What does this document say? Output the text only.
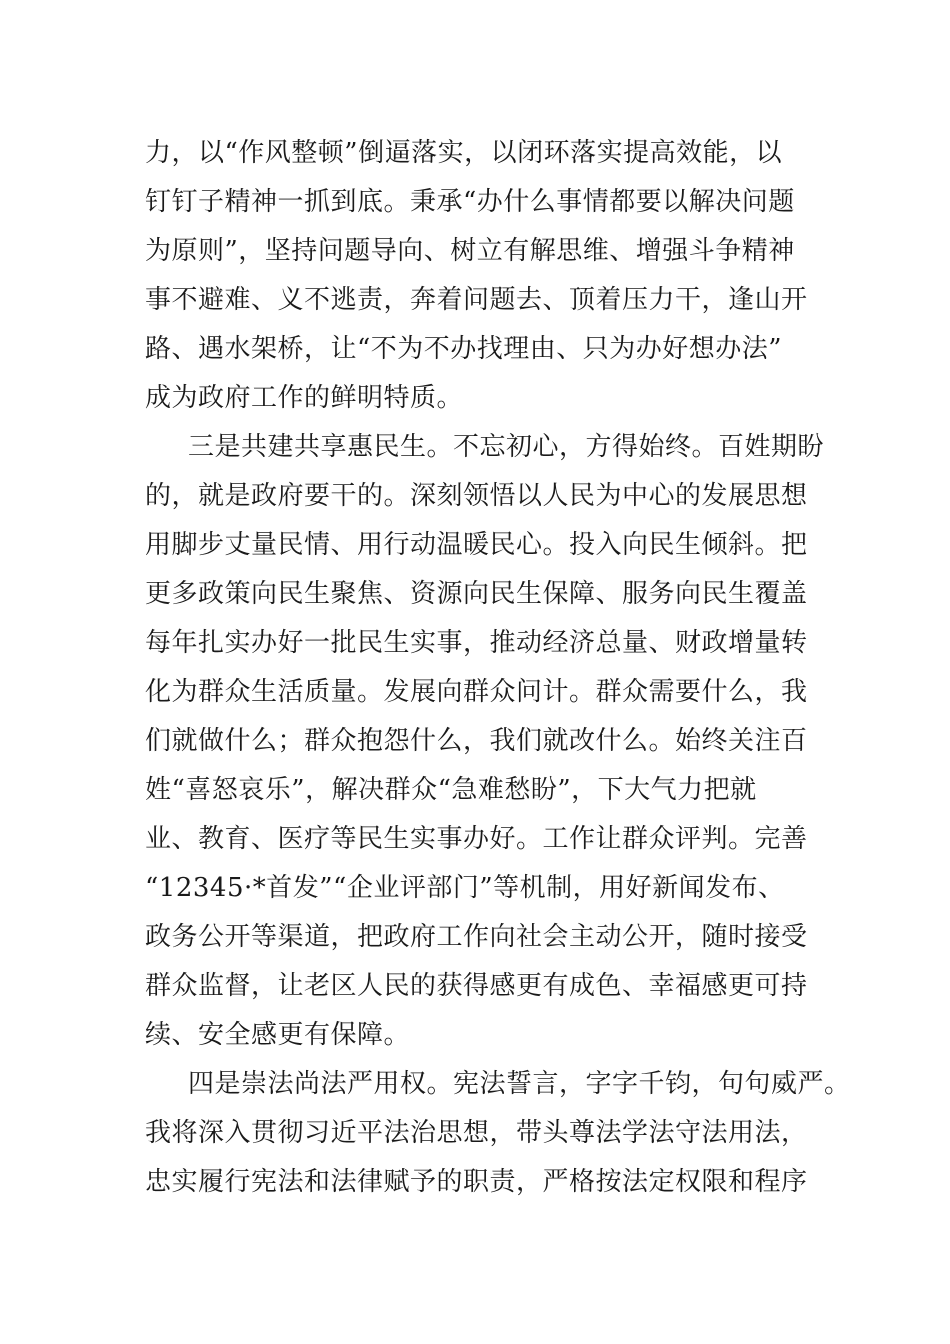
力，以“作风整顿”倒逼落实，以闭环落实提高效能，以
钉钉子精神一抓到底。秉承“办什么事情都要以解决问题
为原则”，坚持问题导向、树立有解思维、增强斗争精神
事不避难、义不逃责，奔着问题去、顶着压力干，逢山开
路、遇水架桥，让“不为不办找理由、只为办好想办法”
成为政府工作的鲜明特质。
三是共建共享惠民生。不忘初心，方得始终。百姓期盼
的，就是政府要干的。深刻领悟以人民为中心的发展思想
用脚步丈量民情、用行动温暖民心。投入向民生倾斜。把
更多政策向民生聚焦、资源向民生保障、服务向民生覆盖
每年扎实办好一批民生实事，推动经济总量、财政增量转
化为群众生活质量。发展向群众问计。群众需要什么，我
们就做什么；群众抱怨什么，我们就改什么。始终关注百
姓“喜怒哀乐”，解决群众“急难愁盼”，下大气力把就
业、教育、医疗等民生实事办好。工作让群众评判。完善
“12345·*首发”“企业评部门”等机制，用好新闻发布、
政务公开等渠道，把政府工作向社会主动公开，随时接受
群众监督，让老区人民的获得感更有成色、幸福感更可持
续、安全感更有保障。
四是崇法尚法严用权。宪法誓言，字字千钧，句句威严。
我将深入贯彻习近平法治思想，带头尊法学法守法用法，
忠实履行宪法和法律赋予的职责，严格按法定权限和程序
